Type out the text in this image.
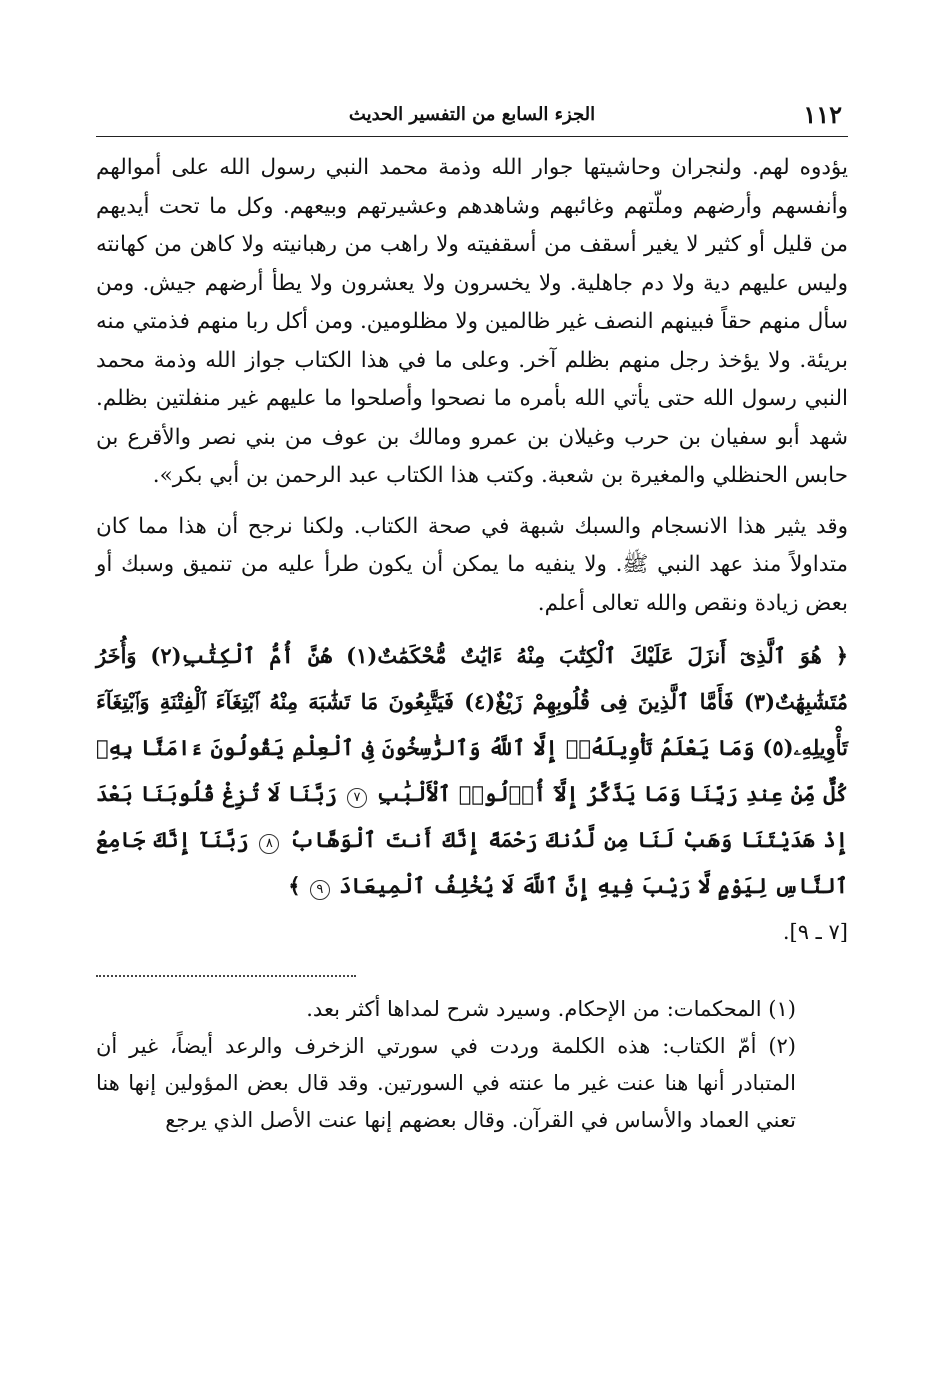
١١٢
الجزء السابع من التفسير الحديث

يؤدوه لهم. ولنجران وحاشيتها جوار الله وذمة محمد النبي رسول الله على أموالهم وأنفسهم وأرضهم وملّتهم وغائبهم وشاهدهم وعشيرتهم وبيعهم. وكل ما تحت أيديهم من قليل أو كثير لا يغير أسقف من أسقفيته ولا راهب من رهبانيته ولا كاهن من كهانته وليس عليهم دية ولا دم جاهلية. ولا يخسرون ولا يعشرون ولا يطأ أرضهم جيش. ومن سأل منهم حقاً فبينهم النصف غير ظالمين ولا مظلومين. ومن أكل ربا منهم فذمتي منه بريئة. ولا يؤخذ رجل منهم بظلم آخر. وعلى ما في هذا الكتاب جواز الله وذمة محمد النبي رسول الله حتى يأتي الله بأمره ما نصحوا وأصلحوا ما عليهم غير منفلتين بظلم. شهد أبو سفيان بن حرب وغيلان بن عمرو ومالك بن عوف من بني نصر والأقرع بن حابس الحنظلي والمغيرة بن شعبة. وكتب هذا الكتاب عبد الرحمن بن أبي بكر».

وقد يثير هذا الانسجام والسبك شبهة في صحة الكتاب. ولكنا نرجح أن هذا مما كان متداولاً منذ عهد النبي ﷺ. ولا ينفيه ما يمكن أن يكون طرأ عليه من تنميق وسبك أو بعض زيادة ونقص والله تعالى أعلم.

﴿ هُوَ ٱلَّذِىٓ أَنزَلَ عَلَيْكَ ٱلْكِتَٰبَ مِنْهُ ءَايَٰتٌ مُّحْكَمَٰتٌ(١) هُنَّ أُمُّ ٱلْكِتَٰبِ(٢) وَأُخَرُ مُتَشَٰبِهَٰتٌ(٣) فَأَمَّا ٱلَّذِينَ فِى قُلُوبِهِمْ زَيْغٌ(٤) فَيَتَّبِعُونَ مَا تَشَٰبَهَ مِنْهُ ٱبْتِغَآءَ ٱلْفِتْنَةِ وَٱبْتِغَآءَ تَأْوِيلِهِۦ(٥) وَمَا يَعْلَمُ تَأْوِيلَهُۥٓ إِلَّا ٱللَّهُ وَٱلرَّٰسِخُونَ فِى ٱلْعِلْمِ يَقُولُونَ ءَامَنَّا بِهِۦ كُلٌّ مِّنْ عِندِ رَبِّنَا وَمَا يَذَّكَّرُ إِلَّآ أُو۟لُوا۟ ٱلْأَلْبَٰبِ ٧ رَبَّنَا لَا تُزِغْ قُلُوبَنَا بَعْدَ إِذْ هَدَيْتَنَا وَهَبْ لَنَا مِن لَّدُنكَ رَحْمَةً إِنَّكَ أَنتَ ٱلْوَهَّابُ ٨ رَبَّنَآ إِنَّكَ جَامِعُ ٱلنَّاسِ لِيَوْمٍ لَّا رَيْبَ فِيهِ إِنَّ ٱللَّهَ لَا يُخْلِفُ ٱلْمِيعَادَ ٩ ﴾
[٧ ـ ٩].

(١) المحكمات: من الإحكام. وسيرد شرح لمداها أكثر بعد.

(٢) أمّ الكتاب: هذه الكلمة وردت في سورتي الزخرف والرعد أيضاً، غير أن المتبادر أنها هنا عنت غير ما عنته في السورتين. وقد قال بعض المؤولين إنها هنا تعني العماد والأساس في القرآن. وقال بعضهم إنها عنت الأصل الذي يرجع
